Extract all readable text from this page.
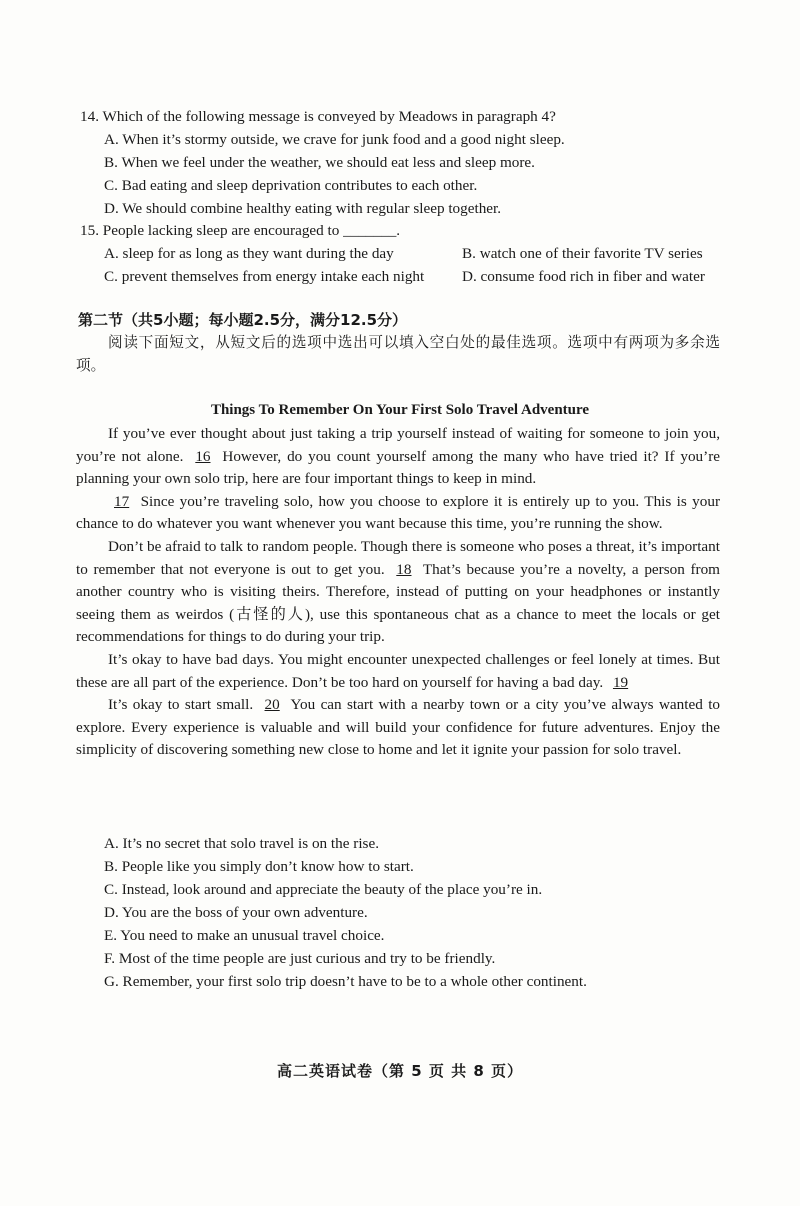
14. Which of the following message is conveyed by Meadows in paragraph 4?
A. When it’s stormy outside, we crave for junk food and a good night sleep.
B. When we feel under the weather, we should eat less and sleep more.
C. Bad eating and sleep deprivation contributes to each other.
D. We should combine healthy eating with regular sleep together.
15. People lacking sleep are encouraged to _______.
A. sleep for as long as they want during the day	B. watch one of their favorite TV series
C. prevent themselves from energy intake each night D. consume food rich in fiber and water
第二节（共5小题；每小题2.5分，满分12.5分）

阅读下面短文，从短文后的选项中选出可以填入空白处的最佳选项。选项中有两项为多余选项。

Things To Remember On Your First Solo Travel Adventure

If you’ve ever thought about just taking a trip yourself instead of waiting for someone to join you, you’re not alone. 16 However, do you count yourself among the many who have tried it? If you’re planning your own solo trip, here are four important things to keep in mind.

17 Since you’re traveling solo, how you choose to explore it is entirely up to you. This is your chance to do whatever you want whenever you want because this time, you’re running the show.

Don’t be afraid to talk to random people. Though there is someone who poses a threat, it’s important to remember that not everyone is out to get you. 18 That’s because you’re a novelty, a person from another country who is visiting theirs. Therefore, instead of putting on your headphones or instantly seeing them as weirdos (古怪的人), use this spontaneous chat as a chance to meet the locals or get recommendations for things to do during your trip.

It’s okay to have bad days. You might encounter unexpected challenges or feel lonely at times. But these are all part of the experience. Don’t be too hard on yourself for having a bad day. 19

It’s okay to start small. 20 You can start with a nearby town or a city you’ve always wanted to explore. Every experience is valuable and will build your confidence for future adventures. Enjoy the simplicity of discovering something new close to home and let it ignite your passion for solo travel.

A. It’s no secret that solo travel is on the rise.
B. People like you simply don’t know how to start.
C. Instead, look around and appreciate the beauty of the place you’re in.
D. You are the boss of your own adventure.
E. You need to make an unusual travel choice.
F. Most of the time people are just curious and try to be friendly.
G. Remember, your first solo trip doesn’t have to be to a whole other continent.
高二英语试卷（第 5 页 共 8 页）
